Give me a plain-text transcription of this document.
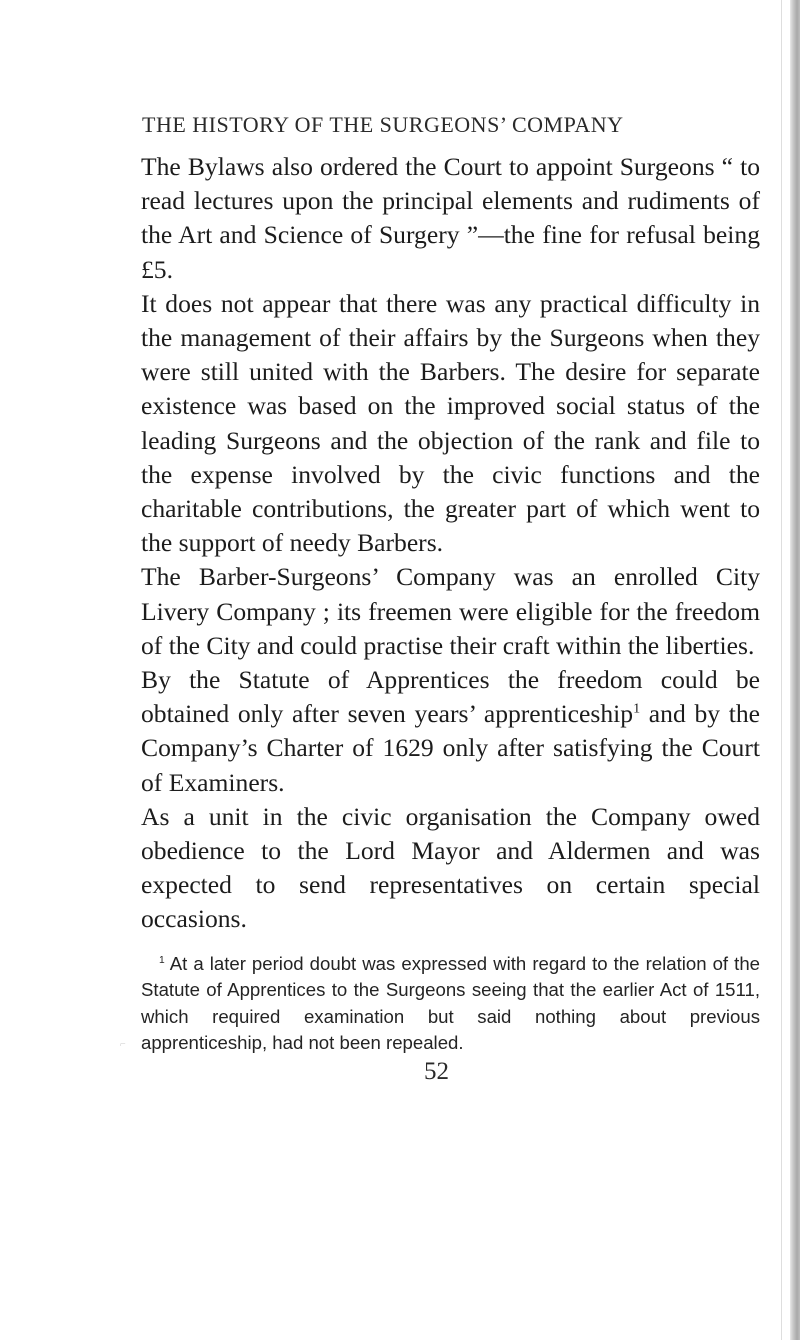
THE HISTORY OF THE SURGEONS’ COMPANY

The Bylaws also ordered the Court to appoint Surgeons “ to read lectures upon the principal elements and rudiments of the Art and Science of Surgery ”—the fine for refusal being £5.

It does not appear that there was any practical difficulty in the management of their affairs by the Surgeons when they were still united with the Barbers. The desire for separate existence was based on the improved social status of the leading Surgeons and the objection of the rank and file to the expense involved by the civic functions and the charitable contributions, the greater part of which went to the support of needy Barbers.

The Barber-Surgeons’ Company was an enrolled City Livery Company ; its freemen were eligible for the freedom of the City and could practise their craft within the liberties.

By the Statute of Apprentices the freedom could be obtained only after seven years’ apprenticeship$^1$ and by the Company’s Charter of 1629 only after satisfying the Court of Examiners.

As a unit in the civic organisation the Company owed obedience to the Lord Mayor and Aldermen and was expected to send representatives on certain special occasions.

⌐

$^1$ At a later period doubt was expressed with regard to the relation of the Statute of Apprentices to the Surgeons seeing that the earlier Act of 1511, which required examination but said nothing about previous apprenticeship, had not been repealed.

52
